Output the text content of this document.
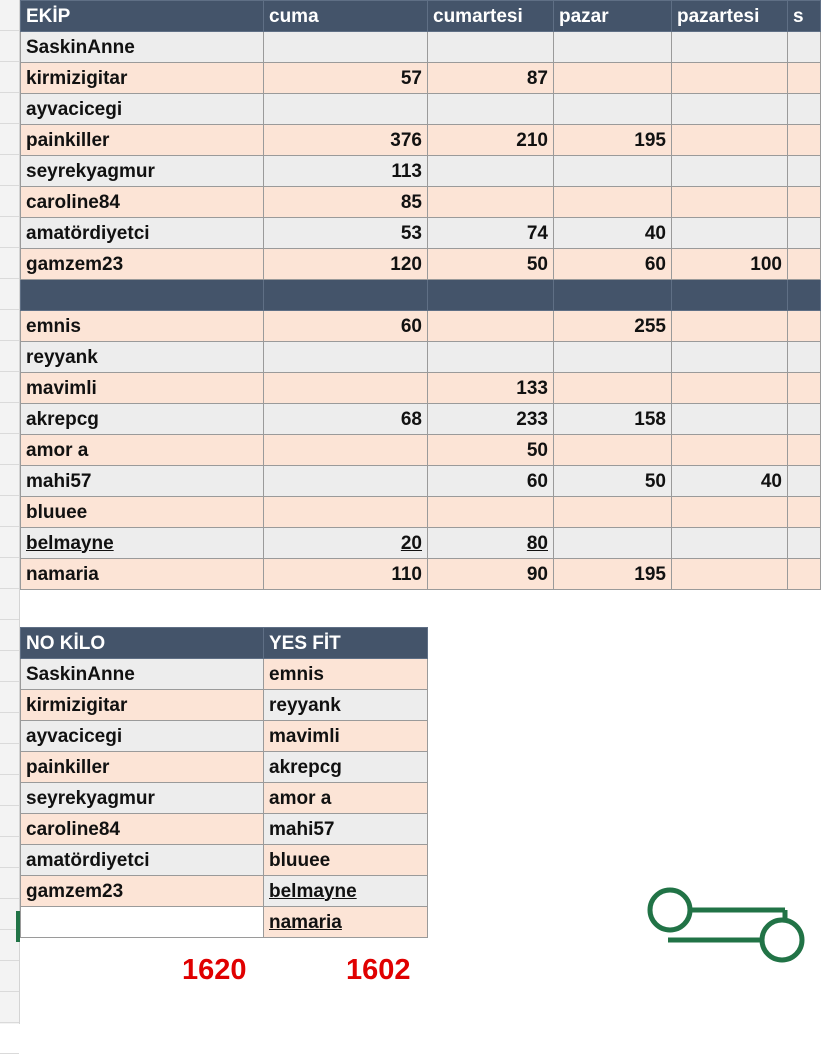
EKİP	cuma	cumartesi	pazar	pazartesi	s
SaskinAnne					
kirmizigitar	57	87			
ayvacicegi					
painkiller	376	210	195		
seyrekyagmur	113				
caroline84	85				
amatördiyetci	53	74	40		
gamzem23	120	50	60	100	

emnis	60		255		
reyyank					
mavimli		133			
akrepcg	68	233	158		
amor a		50			
mahi57		60	50	40	
bluuee					
belmayne	20	80			
namaria	110	90	195		
NO KİLO	YES FİT
SaskinAnne	emnis
kirmizigitar	reyyank
ayvacicegi	mavimli
painkiller	akrepcg
seyrekyagmur	amor a
caroline84	mahi57
amatördiyetci	bluuee
gamzem23	belmayne
	namaria
1620	1602
